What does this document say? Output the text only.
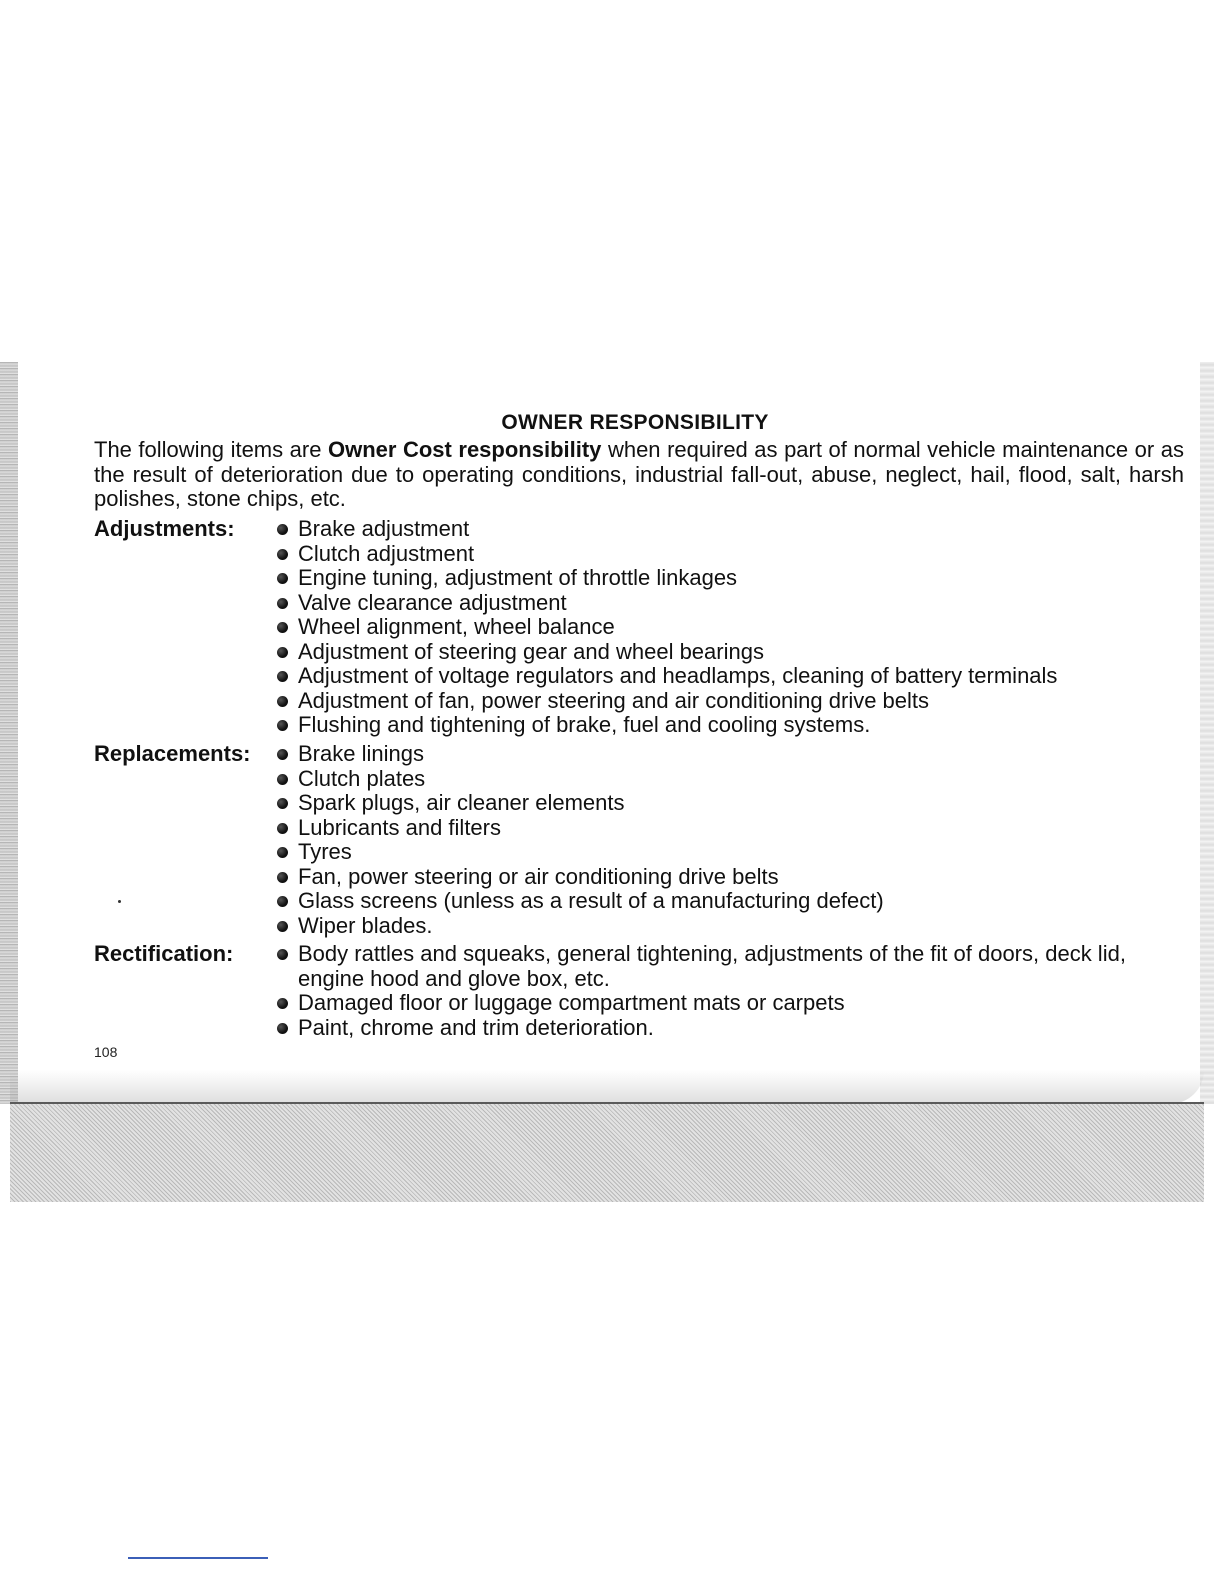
OWNER RESPONSIBILITY
The following items are Owner Cost responsibility when required as part of normal vehicle maintenance or as the result of deterioration due to operating conditions, industrial fall-out, abuse, neglect, hail, flood, salt, harsh polishes, stone chips, etc.
Adjustments:	Brake adjustment
Clutch adjustment
Engine tuning, adjustment of throttle linkages
Valve clearance adjustment
Wheel alignment, wheel balance
Adjustment of steering gear and wheel bearings
Adjustment of voltage regulators and headlamps, cleaning of battery terminals
Adjustment of fan, power steering and air conditioning drive belts
Flushing and tightening of brake, fuel and cooling systems.
Replacements:	Brake linings
Clutch plates
Spark plugs, air cleaner elements
Lubricants and filters
Tyres
Fan, power steering or air conditioning drive belts
Glass screens (unless as a result of a manufacturing defect)
Wiper blades.
Rectification:	Body rattles and squeaks, general tightening, adjustments of the fit of doors, deck lid, engine hood and glove box, etc.
Damaged floor or luggage compartment mats or carpets
Paint, chrome and trim deterioration.
108
